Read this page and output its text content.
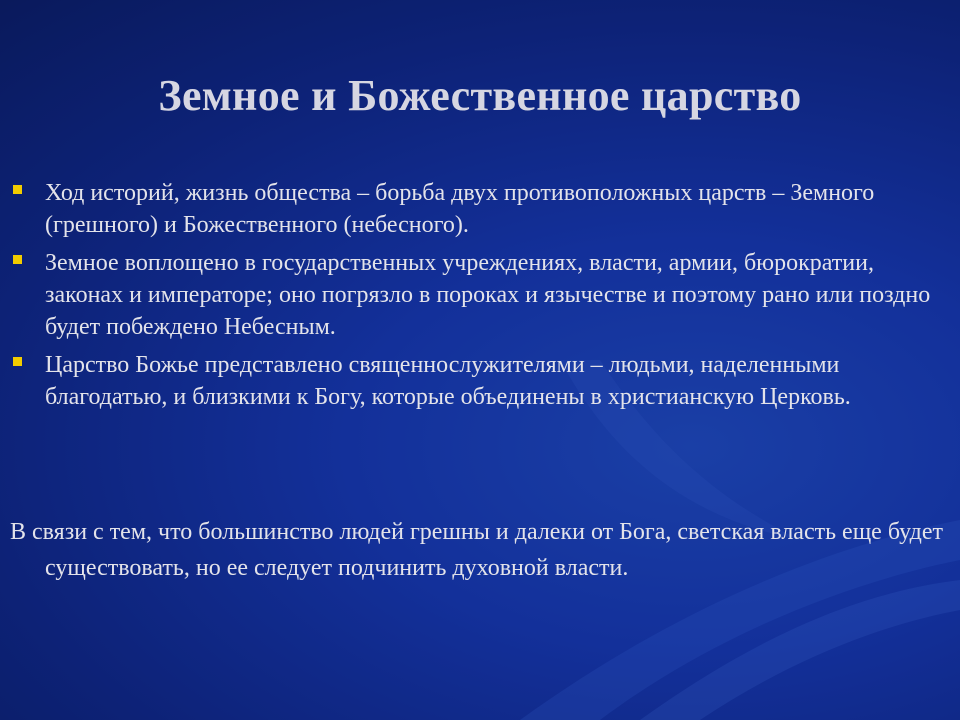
Земное и Божественное царство
Ход историй, жизнь общества – борьба двух противоположных царств – Земного (грешного) и Божественного (небесного).
Земное воплощено в государственных учреждениях, власти, армии, бюрократии, законах и императоре; оно погрязло в пороках и язычестве и поэтому рано или поздно будет побеждено Небесным.
Царство Божье представлено священнослужителями – людьми, наделенными благодатью, и близкими к Богу, которые объединены в христианскую Церковь.
В связи с тем, что большинство людей грешны и далеки от Бога, светская власть еще будет существовать, но ее следует подчинить духовной власти.
